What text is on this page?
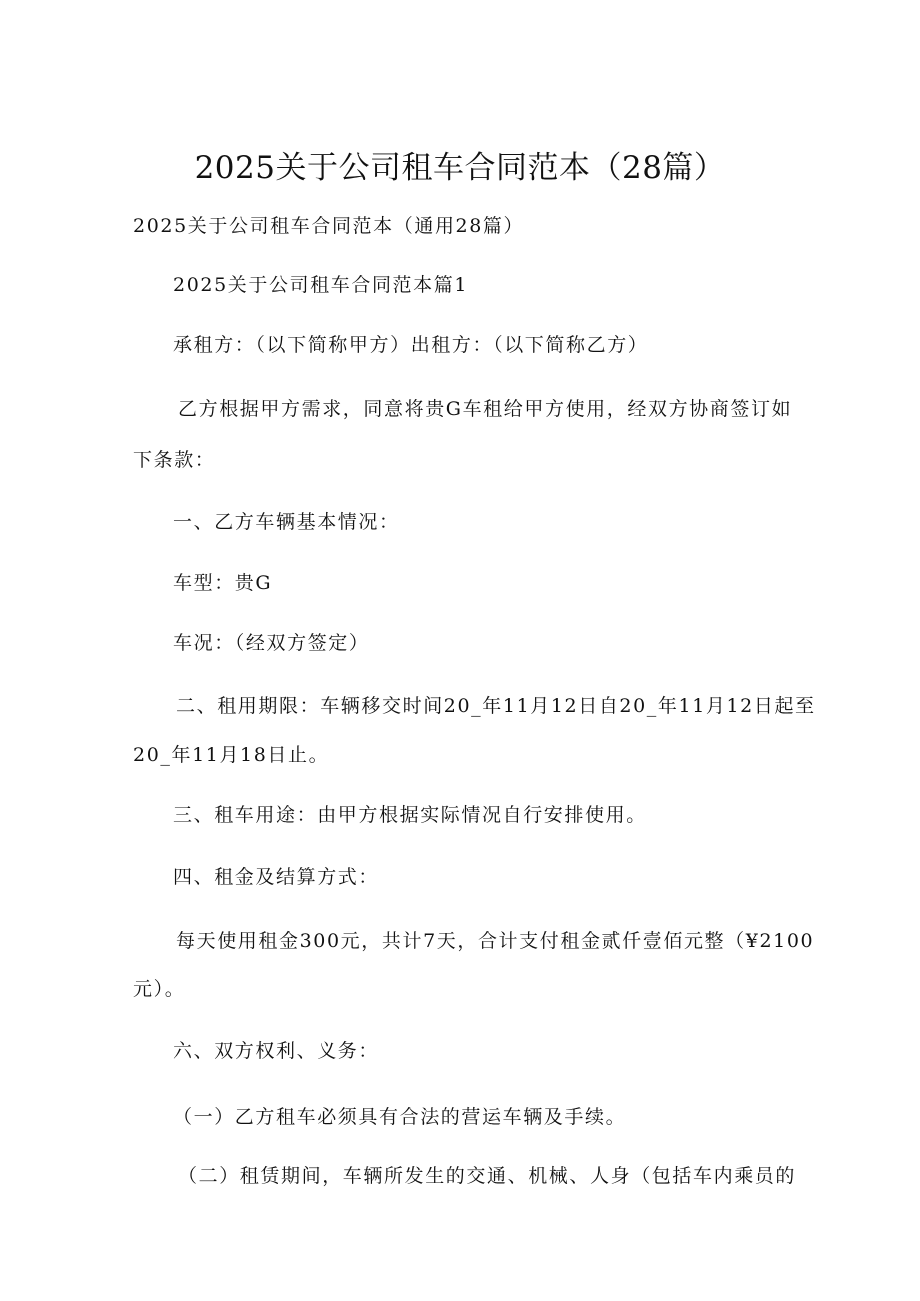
2025关于公司租车合同范本（28篇）
2025关于公司租车合同范本（通用28篇）
2025关于公司租车合同范本篇1
承租方：（以下简称甲方）出租方：（以下简称乙方）
乙方根据甲方需求，同意将贵G车租给甲方使用，经双方协商签订如
下条款：
一、乙方车辆基本情况：
车型：贵G
车况：（经双方签定）
二、租用期限：车辆移交时间20_年11月12日自20_年11月12日起至
20_年11月18日止。
三、租车用途：由甲方根据实际情况自行安排使用。
四、租金及结算方式：
每天使用租金300元，共计7天，合计支付租金贰仟壹佰元整（¥2100
元）。
六、双方权利、义务：
（一）乙方租车必须具有合法的营运车辆及手续。
（二）租赁期间，车辆所发生的交通、机械、人身（包括车内乘员的
